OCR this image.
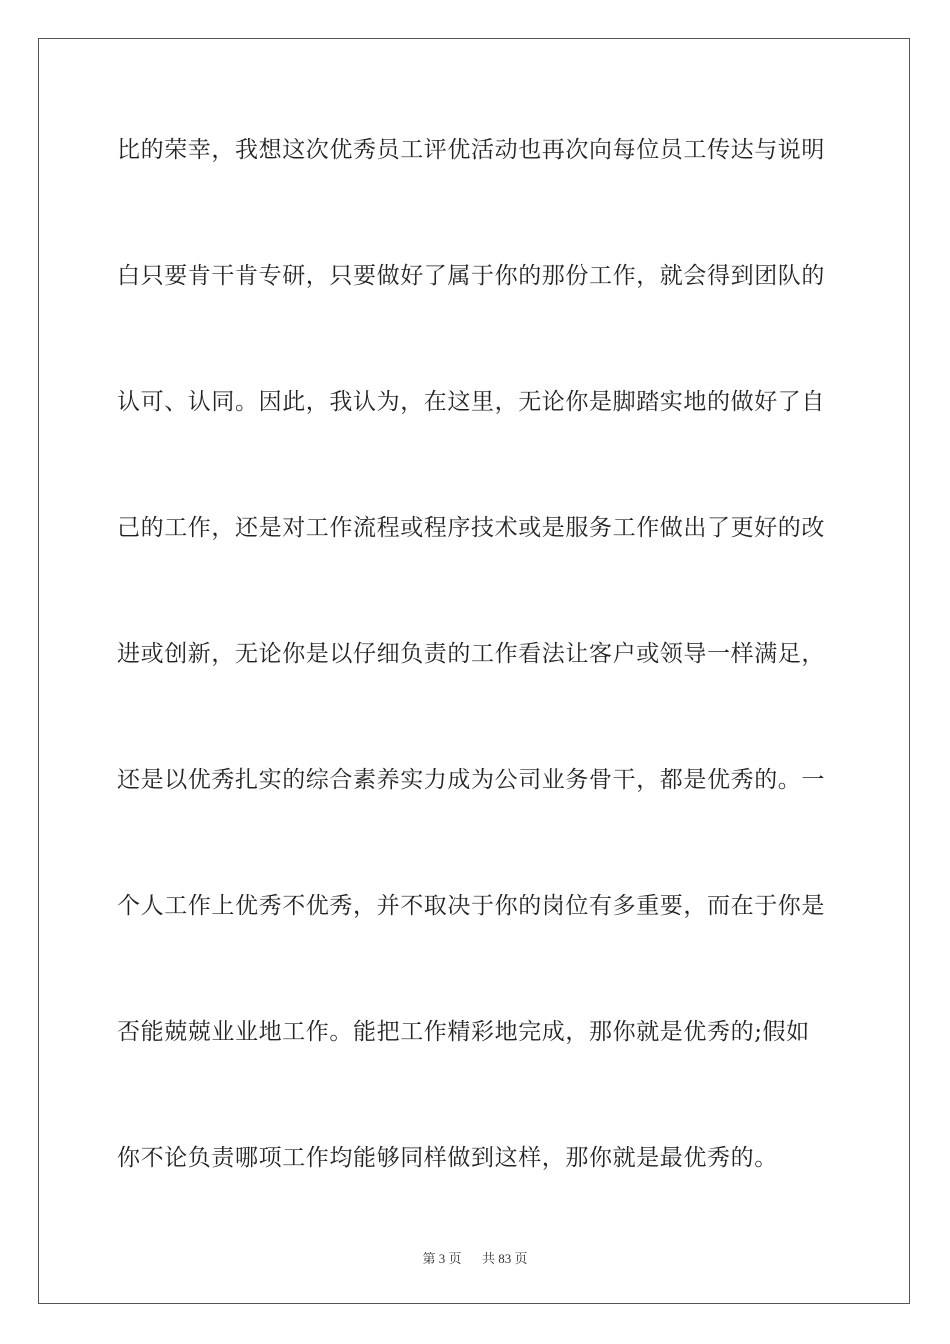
比的荣幸，我想这次优秀员工评优活动也再次向每位员工传达与说明
白只要肯干肯专研，只要做好了属于你的那份工作，就会得到团队的
认可、认同。因此，我认为，在这里，无论你是脚踏实地的做好了自
己的工作，还是对工作流程或程序技术或是服务工作做出了更好的改
进或创新，无论你是以仔细负责的工作看法让客户或领导一样满足，
还是以优秀扎实的综合素养实力成为公司业务骨干，都是优秀的。一
个人工作上优秀不优秀，并不取决于你的岗位有多重要，而在于你是
否能兢兢业业地工作。能把工作精彩地完成，那你就是优秀的;假如
你不论负责哪项工作均能够同样做到这样，那你就是最优秀的。
第 3 页 共 83 页
